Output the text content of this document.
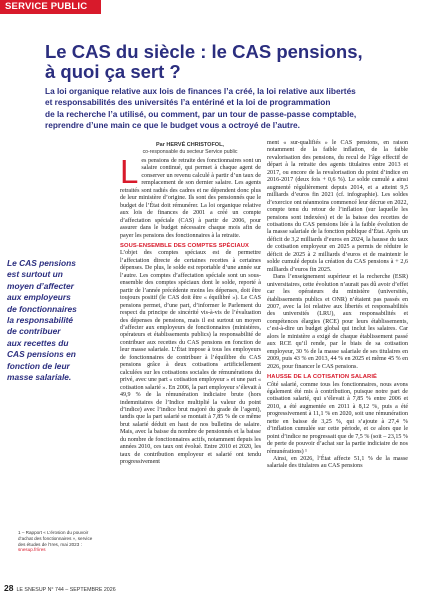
SERVICE PUBLIC
Le CAS du siècle : le CAS pensions,
à quoi ça sert ?
La loi organique relative aux lois de finances l’a créé, la loi relative aux libertés
et responsabilités des universités l’a entériné et la loi de programmation
de la recherche l’a utilisé, ou comment, par un tour de passe-passe comptable,
reprendre d’une main ce que le budget vous a octroyé de l’autre.
Par HERVÉ CHRISTOFOL,
co-responsable du secteur Service public
Le CAS pensions
est surtout un
moyen d’affecter
aux employeurs
de fonctionnaires
la responsabilité
de contribuer
aux recettes du
CAS pensions en
fonction de leur
masse salariale.
L es pensions de retraite des fonctionnaires sont un salaire continué, qui permet à chaque agent de conserver un revenu calculé à partir d’un taux de remplacement de son dernier salaire. Les agents retraités sont radiés des cadres et ne dépendent donc plus de leur ministère d’origine. Ils sont des pensionnés que le budget de l’État doit rémunérer. La loi organique relative aux lois de finances de 2001 a créé un compte d’affectation spéciale (CAS) à partir de 2006, pour assurer dans le budget nécessaire chaque mois afin de payer les pensions des fonctionnaires à la retraite.

SOUS-ENSEMBLE DES COMPTES SPÉCIAUX

L’objet des comptes spéciaux est de permettre l’affectation directe de certaines recettes à certaines dépenses. De plus, le solde est reportable d’une année sur l’autre. Les comptes d’affectation spéciale sont un sous-ensemble des comptes spéciaux dont le solde, reporté à partir de l’année précédente moins les dépenses, doit être toujours positif (le CAS doit être « équilibré »). Le CAS pensions permet, d’une part, d’informer le Parlement du respect du principe de sincérité vis-à-vis de l’évaluation des dépenses de pensions, mais il est surtout un moyen d’affecter aux employeurs de fonctionnaires (ministères, opérateurs et établissements publics) la responsabilité de contribuer aux recettes du CAS pensions en fonction de leur masse salariale. L’État impose à tous les employeurs de fonctionnaires de contribuer à l’équilibre du CAS pensions grâce à deux cotisations artificiellement calculées sur les cotisations sociales de rémunérations du privé, avec une part « cotisation employeur » et une part « cotisation salarié ». En 2006, la part employeur s’élevait à 49,9 % de la rémunération indiciaire brute (hors indemnitaires de l’Indice multiplié la valeur du point d’indice) avec l’indice brut majoré du grade de l’agent), tandis que la part salarié se montait à 7,85 % de ce même brut salarié déduit en haut de nos bulletins de salaire. Mais, avec la baisse du nombre de pensionnés et la baisse du nombre de fonctionnaires actifs, notamment depuis les années 2010, ces taux ont évolué. Entre 2010 et 2020, les taux de contribution employeur et salarié ont tendu progressivement

ment « sur-qualifiés » le CAS pensions, en raison notamment de la faible inflation, de la faible revalorisation des pensions, du recul de l’âge effectif de départ à la retraite des agents titulaires entre 2013 et 2017, ou encore de la revalorisation du point d’indice en 2016-2017 (deux fois + 0,6 %). Le solde cumulé a ainsi augmenté régulièrement depuis 2014, et a atteint 9,5 milliards d’euros fin 2021 (cf. infographie). Les soldes d’exercice ont néanmoins commencé leur décrue en 2022, compte tenu du retour de l’inflation (sur laquelle les pensions sont indexées) et de la baisse des recettes de cotisations du CAS pensions liée à la faible évolution de la masse salariale de la fonction publique d’État. Après un déficit de 3,2 milliards d’euros en 2024, la hausse du taux de cotisation employeur en 2025 a permis de réduire le déficit de 2025 à 2 milliards d’euros et de maintenir le solde cumulé depuis la création du CAS pensions à + 2,6 milliards d’euros fin 2025.

Dans l’enseignement supérieur et la recherche (ESR) universitaires, cette évolution n’aurait pas dû avoir d’effet car les opérateurs du ministère (universités, établissements publics et ONR) n’étaient pas passés en 2007, avec la loi relative aux libertés et responsabilités des universités (LRU), aux responsabilités et compétences élargies (RCE) pour leurs établissements, c’est-à-dire un budget global qui inclut les salaires. Car alors le ministère a exigé de chaque établissement passé aux RCE qu’il rende, par le biais de sa cotisation employeur, 30 % de la masse salariale de ses titulaires en 2009, puis 43 % en 2013, 44 % en 2025 et même 45 % en 2026, pour financer le CAS pensions.

HAUSSE DE LA COTISATION SALARIÉ

Côté salarié, comme tous les fonctionnaires, nous avons également été mis à contribution, puisque notre part de cotisation salarié, qui s’élevait à 7,85 % entre 2006 et 2010, a été augmentée en 2011 à 8,12 %, puis a été progressivement à 11,1 % en 2020, soit une rémunération nette en baisse de 3,25 %, qui s’ajoute à 27,4 % d’inflation cumulée sur cette période, et ce alors que le point d’indice ne progressait que de 7,5 % (soit – 23,15 % de perte de pouvoir d’achat sur la partie indiciaire de nos rémunérations) ¹

Ainsi, en 2026, l’État affecte 51,1 % de la masse salariale des titulaires au CAS pensions

1 – Rapport « L’érosion du pouvoir d’achat des fonctionnaires », service des études de l’Ires, mai 2023 : snesup.fr/ires
28 LE SNESUP N° 744 – SEPTEMBRE 2026
